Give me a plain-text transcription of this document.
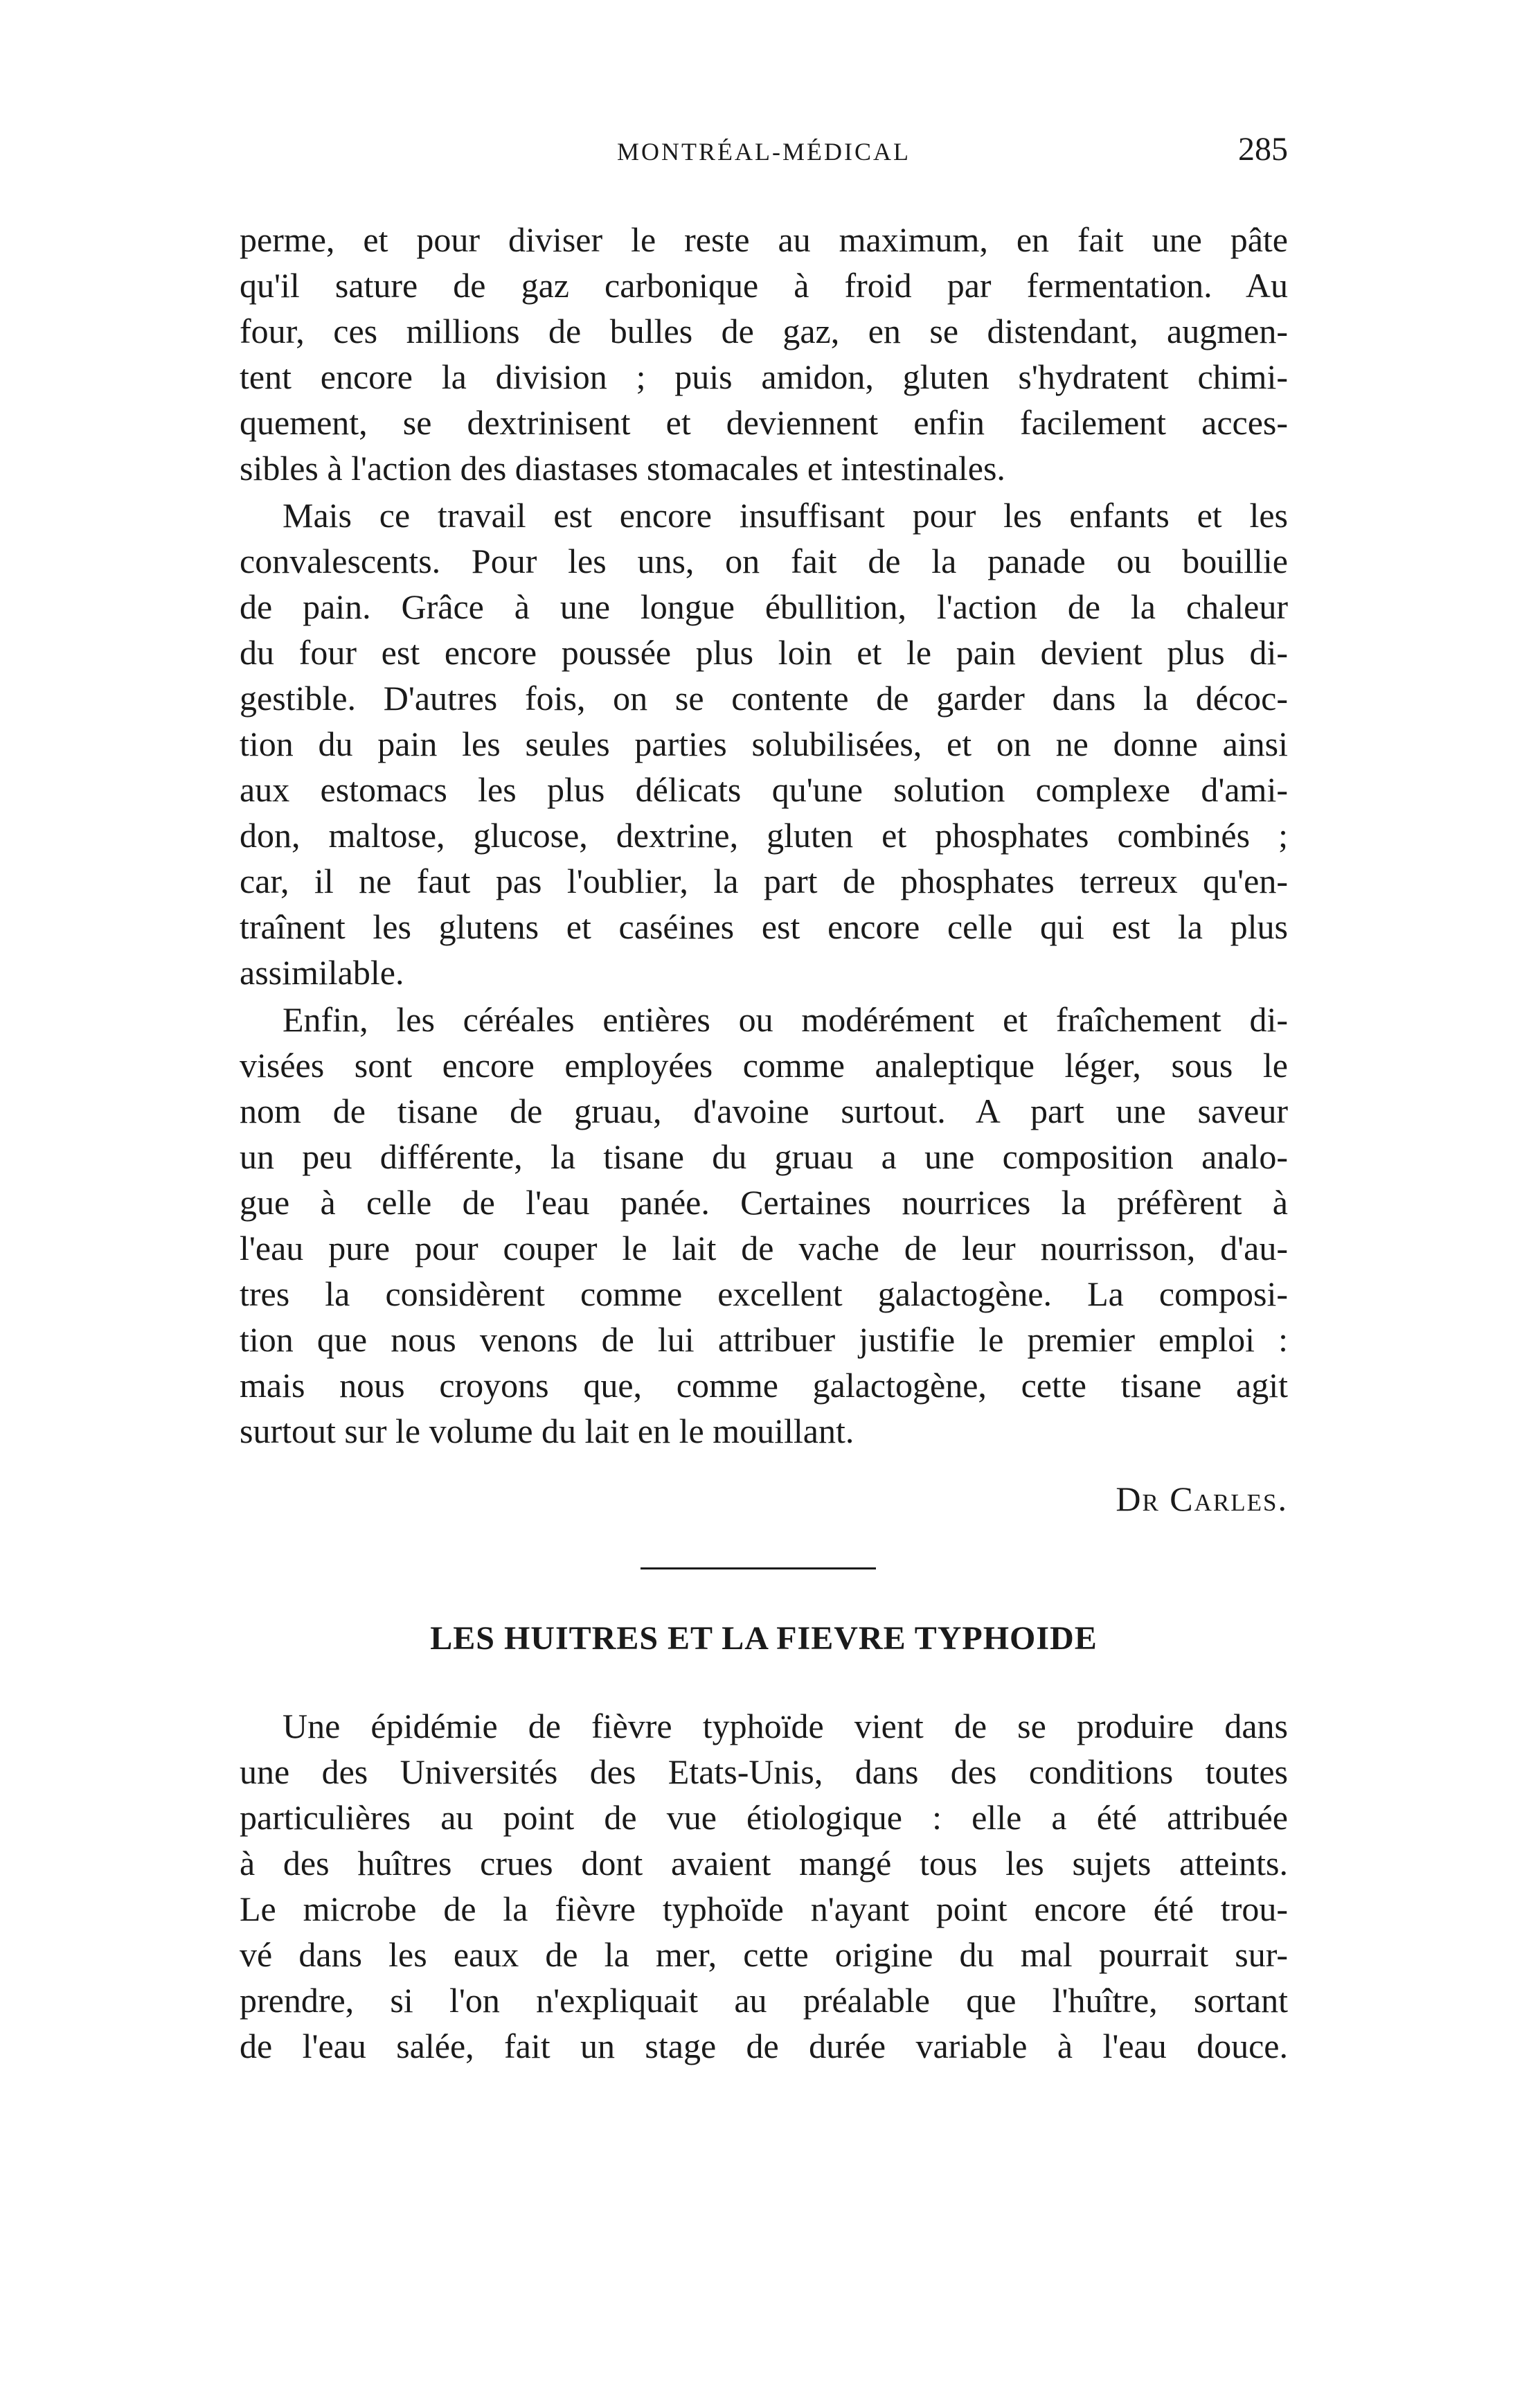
MONTRÉAL-MÉDICAL	285
perme, et pour diviser le reste au maximum, en fait une pâte
qu'il sature de gaz carbonique à froid par fermentation. Au
four, ces millions de bulles de gaz, en se distendant, augmen-
tent encore la division ; puis amidon, gluten s'hydratent chimi-
quement, se dextrinisent et deviennent enfin facilement acces-
sibles à l'action des diastases stomacales et intestinales.
Mais ce travail est encore insuffisant pour les enfants et les
convalescents. Pour les uns, on fait de la panade ou bouillie
de pain. Grâce à une longue ébullition, l'action de la chaleur
du four est encore poussée plus loin et le pain devient plus di-
gestible. D'autres fois, on se contente de garder dans la décoc-
tion du pain les seules parties solubilisées, et on ne donne ainsi
aux estomacs les plus délicats qu'une solution complexe d'ami-
don, maltose, glucose, dextrine, gluten et phosphates combinés ;
car, il ne faut pas l'oublier, la part de phosphates terreux qu'en-
traînent les glutens et caséines est encore celle qui est la plus
assimilable.
Enfin, les céréales entières ou modérément et fraîchement di-
visées sont encore employées comme analeptique léger, sous le
nom de tisane de gruau, d'avoine surtout. A part une saveur
un peu différente, la tisane du gruau a une composition analo-
gue à celle de l'eau panée. Certaines nourrices la préfèrent à
l'eau pure pour couper le lait de vache de leur nourrisson, d'au-
tres la considèrent comme excellent galactogène. La composi-
tion que nous venons de lui attribuer justifie le premier emploi :
mais nous croyons que, comme galactogène, cette tisane agit
surtout sur le volume du lait en le mouillant.
Dr Carles.
LES HUITRES ET LA FIEVRE TYPHOIDE
Une épidémie de fièvre typhoïde vient de se produire dans
une des Universités des Etats-Unis, dans des conditions toutes
particulières au point de vue étiologique : elle a été attribuée
à des huîtres crues dont avaient mangé tous les sujets atteints.
Le microbe de la fièvre typhoïde n'ayant point encore été trou-
vé dans les eaux de la mer, cette origine du mal pourrait sur-
prendre, si l'on n'expliquait au préalable que l'huître, sortant
de l'eau salée, fait un stage de durée variable à l'eau douce.
